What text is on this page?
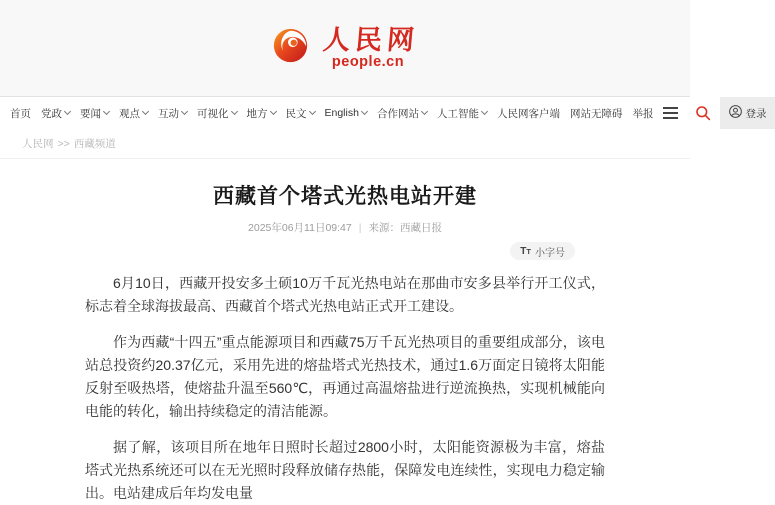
人民网
people.cn
首页 党政 要闻 观点 互动 可视化 地方 民文 English 合作网站 人工智能 人民网客户端 网站无障碍 举报	登录
人民网 >> 西藏频道
西藏首个塔式光热电站开建
2025年06月11日09:47 | 来源：西藏日报
T T 小字号

6月10日，西藏开投安多土硕10万千瓦光热电站在那曲市安多县举行开工仪式，标志着全球海拔最高、西藏首个塔式光热电站正式开工建设。

作为西藏“十四五”重点能源项目和西藏75万千瓦光热项目的重要组成部分，该电站总投资约20.37亿元，采用先进的熔盐塔式光热技术，通过1.6万面定日镜将太阳能反射至吸热塔，使熔盐升温至560℃，再通过高温熔盐进行逆流换热，实现机械能向电能的转化，输出持续稳定的清洁能源。

据了解，该项目所在地年日照时长超过2800小时，太阳能资源极为丰富，熔盐塔式光热系统还可以在无光照时段释放储存热能，保障发电连续性，实现电力稳定输出。电站建成后年均发电量
